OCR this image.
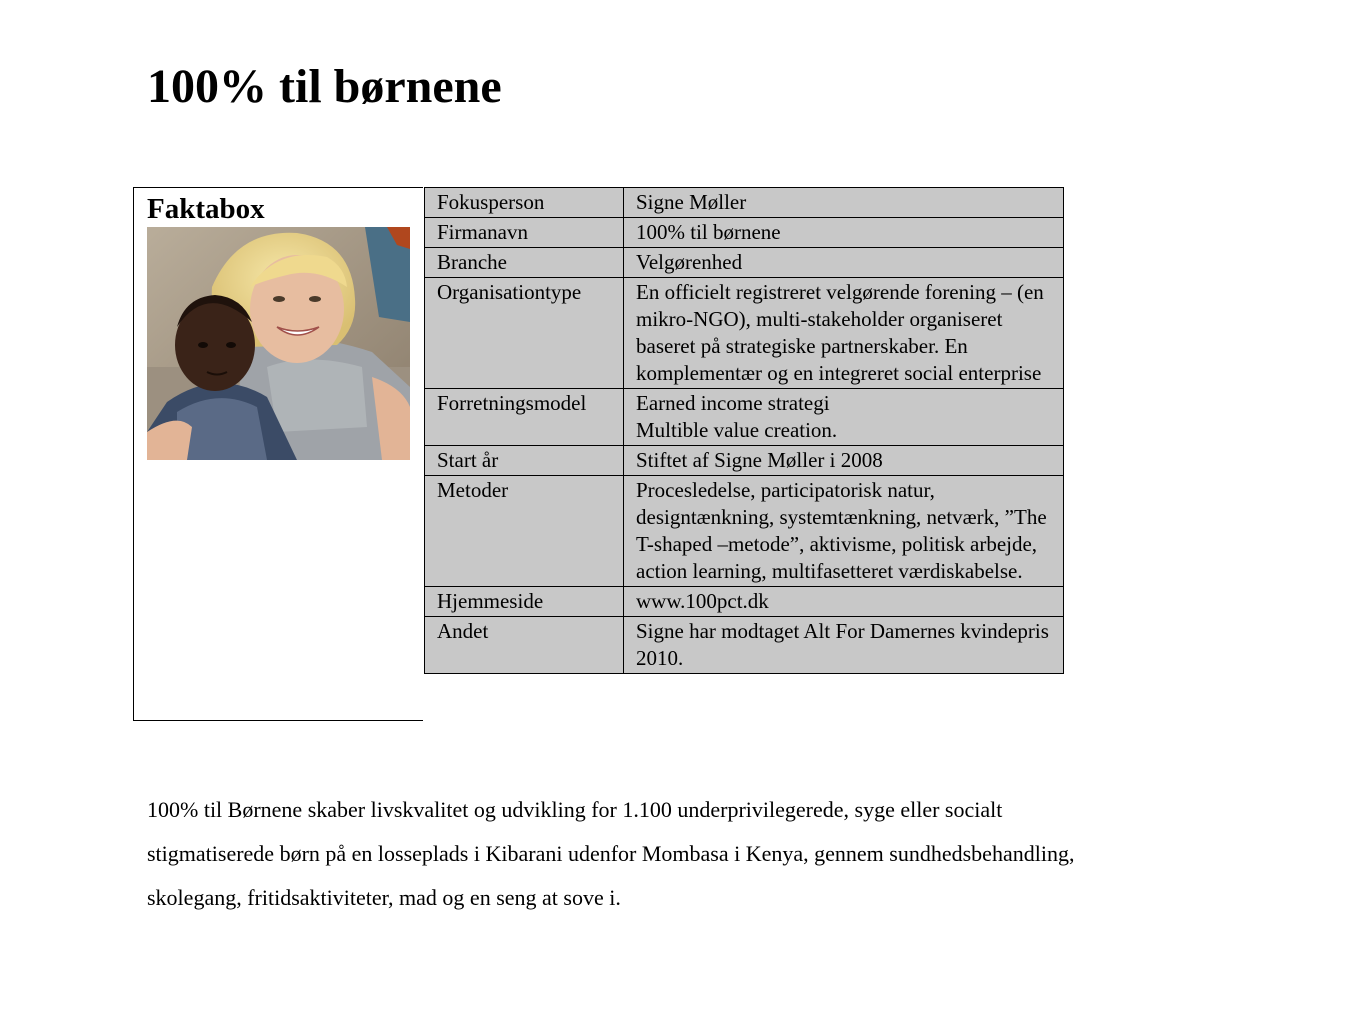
100% til børnene
Faktabox	Fokusperson	Signe Møller
Firmanavn	100% til børnene
Branche	Velgørenhed
Organisationtype	En officielt registreret velgørende forening – (en mikro-NGO), multi-stakeholder organiseret baseret på strategiske partnerskaber. En komplementær og en integreret social enterprise
Forretningsmodel	Earned income strategi
Multible value creation.
Start år	Stiftet af Signe Møller i 2008
Metoder	Procesledelse, participatorisk natur, designtænkning, systemtænkning, netværk, ”The T-shaped –metode”, aktivisme, politisk arbejde, action learning, multifasetteret værdiskabelse.
Hjemmeside	www.100pct.dk
Andet	Signe har modtaget Alt For Damernes kvindepris 2010.

100% til Børnene skaber livskvalitet og udvikling for 1.100 underprivilegerede, syge eller socialt stigmatiserede børn på en losseplads i Kibarani udenfor Mombasa i Kenya, gennem sundhedsbehandling, skolegang, fritidsaktiviteter, mad og en seng at sove i.
